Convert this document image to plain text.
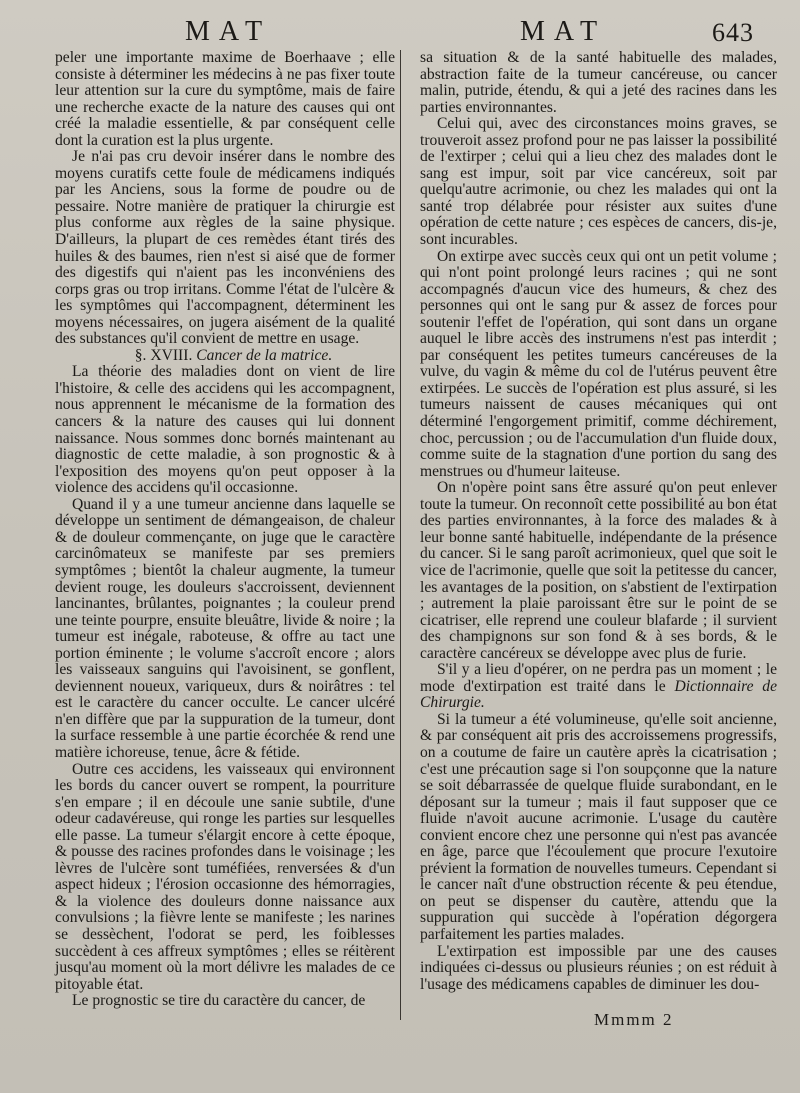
MAT	MAT	643

peler une importante maxime de Boerhaave ; elle consiste à déterminer les médecins à ne pas fixer toute leur attention sur la cure du symptôme, mais de faire une recherche exacte de la nature des causes qui ont créé la maladie essentielle, & par conséquent celle dont la curation est la plus urgente.

Je n'ai pas cru devoir insérer dans le nombre des moyens curatifs cette foule de médicamens indiqués par les Anciens, sous la forme de poudre ou de pessaire. Notre manière de pratiquer la chirurgie est plus conforme aux règles de la saine physique. D'ailleurs, la plupart de ces remèdes étant tirés des huiles & des baumes, rien n'est si aisé que de former des digestifs qui n'aient pas les inconvéniens des corps gras ou trop irritans. Comme l'état de l'ulcère & les symptômes qui l'accompagnent, déterminent les moyens nécessaires, on jugera aisément de la qualité des substances qu'il convient de mettre en usage.

§. XVIII. Cancer de la matrice.

La théorie des maladies dont on vient de lire l'histoire, & celle des accidens qui les accompagnent, nous apprennent le mécanisme de la formation des cancers & la nature des causes qui lui donnent naissance. Nous sommes donc bornés maintenant au diagnostic de cette maladie, à son prognostic & à l'exposition des moyens qu'on peut opposer à la violence des accidens qu'il occasionne.

Quand il y a une tumeur ancienne dans laquelle se développe un sentiment de démangeaison, de chaleur & de douleur commençante, on juge que le caractère carcinômateux se manifeste par ses premiers symptômes ; bientôt la chaleur augmente, la tumeur devient rouge, les douleurs s'accroissent, deviennent lancinantes, brûlantes, poignantes ; la couleur prend une teinte pourpre, ensuite bleuâtre, livide & noire ; la tumeur est inégale, raboteuse, & offre au tact une portion éminente ; le volume s'accroît encore ; alors les vaisseaux sanguins qui l'avoisinent, se gonflent, deviennent noueux, variqueux, durs & noirâtres : tel est le caractère du cancer occulte. Le cancer ulcéré n'en diffère que par la suppuration de la tumeur, dont la surface ressemble à une partie écorchée & rend une matière ichoreuse, tenue, âcre & fétide.

Outre ces accidens, les vaisseaux qui environnent les bords du cancer ouvert se rompent, la pourriture s'en empare ; il en découle une sanie subtile, d'une odeur cadavéreuse, qui ronge les parties sur lesquelles elle passe. La tumeur s'élargit encore à cette époque, & pousse des racines profondes dans le voisinage ; les lèvres de l'ulcère sont tuméfiées, renversées & d'un aspect hideux ; l'érosion occasionne des hémorragies, & la violence des douleurs donne naissance aux convulsions ; la fièvre lente se manifeste ; les narines se dessèchent, l'odorat se perd, les foiblesses succèdent à ces affreux symptômes ; elles se réitèrent jusqu'au moment où la mort délivre les malades de ce pitoyable état.

Le prognostic se tire du caractère du cancer, de

sa situation & de la santé habituelle des malades, abstraction faite de la tumeur cancéreuse, ou cancer malin, putride, étendu, & qui a jeté des racines dans les parties environnantes.

Celui qui, avec des circonstances moins graves, se trouveroit assez profond pour ne pas laisser la possibilité de l'extirper ; celui qui a lieu chez des malades dont le sang est impur, soit par vice cancéreux, soit par quelqu'autre acrimonie, ou chez les malades qui ont la santé trop délabrée pour résister aux suites d'une opération de cette nature ; ces espèces de cancers, dis-je, sont incurables.

On extirpe avec succès ceux qui ont un petit volume ; qui n'ont point prolongé leurs racines ; qui ne sont accompagnés d'aucun vice des humeurs, & chez des personnes qui ont le sang pur & assez de forces pour soutenir l'effet de l'opération, qui sont dans un organe auquel le libre accès des instrumens n'est pas interdit ; par conséquent les petites tumeurs cancéreuses de la vulve, du vagin & même du col de l'utérus peuvent être extirpées. Le succès de l'opération est plus assuré, si les tumeurs naissent de causes mécaniques qui ont déterminé l'engorgement primitif, comme déchirement, choc, percussion ; ou de l'accumulation d'un fluide doux, comme suite de la stagnation d'une portion du sang des menstrues ou d'humeur laiteuse.

On n'opère point sans être assuré qu'on peut enlever toute la tumeur. On reconnoît cette possibilité au bon état des parties environnantes, à la force des malades & à leur bonne santé habituelle, indépendante de la présence du cancer. Si le sang paroît acrimonieux, quel que soit le vice de l'acrimonie, quelle que soit la petitesse du cancer, les avantages de la position, on s'abstient de l'extirpation ; autrement la plaie paroissant être sur le point de se cicatriser, elle reprend une couleur blafarde ; il survient des champignons sur son fond & à ses bords, & le caractère cancéreux se développe avec plus de furie.

S'il y a lieu d'opérer, on ne perdra pas un moment ; le mode d'extirpation est traité dans le Dictionnaire de Chirurgie.

Si la tumeur a été volumineuse, qu'elle soit ancienne, & par conséquent ait pris des accroissemens progressifs, on a coutume de faire un cautère après la cicatrisation ; c'est une précaution sage si l'on soupçonne que la nature se soit débarrassée de quelque fluide surabondant, en le déposant sur la tumeur ; mais il faut supposer que ce fluide n'avoit aucune acrimonie. L'usage du cautère convient encore chez une personne qui n'est pas avancée en âge, parce que l'écoulement que procure l'exutoire prévient la formation de nouvelles tumeurs. Cependant si le cancer naît d'une obstruction récente & peu étendue, on peut se dispenser du cautère, attendu que la suppuration qui succède à l'opération dégorgera parfaitement les parties malades.

L'extirpation est impossible par une des causes indiquées ci-dessus ou plusieurs réunies ; on est réduit à l'usage des médicamens capables de diminuer les dou-

Mmmm 2
